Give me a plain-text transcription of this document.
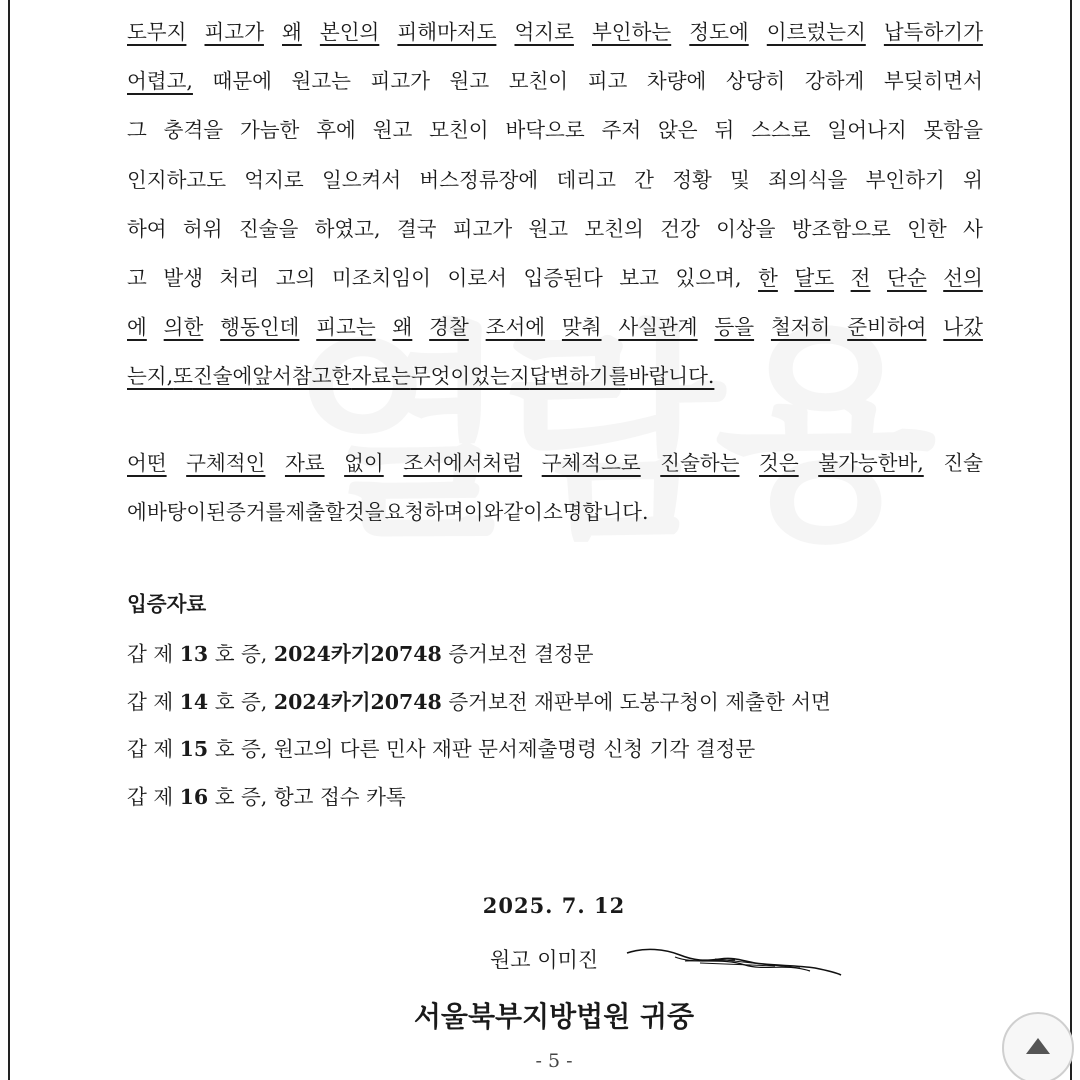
도무지 피고가 왜 본인의 피해마저도 억지로 부인하는 정도에 이르렀는지 납득하기가
어렵고, 때문에 원고는 피고가 원고 모친이 피고 차량에 상당히 강하게 부딪히면서
그 충격을 가늠한 후에 원고 모친이 바닥으로 주저 앉은 뒤 스스로 일어나지 못함을
인지하고도 억지로 일으켜서 버스정류장에 데리고 간 정황 및 죄의식을 부인하기 위
하여 허위 진술을 하였고, 결국 피고가 원고 모친의 건강 이상을 방조함으로 인한 사
고 발생 처리 고의 미조치임이 이로서 입증된다 보고 있으며, 한 달도 전 단순 선의
에 의한 행동인데 피고는 왜 경찰 조서에 맞춰 사실관계 등을 철저히 준비하여 나갔
는지, 또 진술에 앞서 참고한 자료는 무엇이었는지 답변하기를 바랍니다.
어떤 구체적인 자료 없이 조서에서처럼 구체적으로 진술하는 것은 불가능한바, 진술
에 바탕이 된 증거를 제출할 것을 요청하며 이와 같이 소명합니다.
입증자료
갑 제 13 호 증, 2024카기20748 증거보전 결정문
갑 제 14 호 증, 2024카기20748 증거보전 재판부에 도봉구청이 제출한 서면
갑 제 15 호 증, 원고의 다른 민사 재판 문서제출명령 신청 기각 결정문
갑 제 16 호 증, 항고 접수 카톡
2025. 7. 12
원고 이미진
서울북부지방법원 귀중
- 5 -
